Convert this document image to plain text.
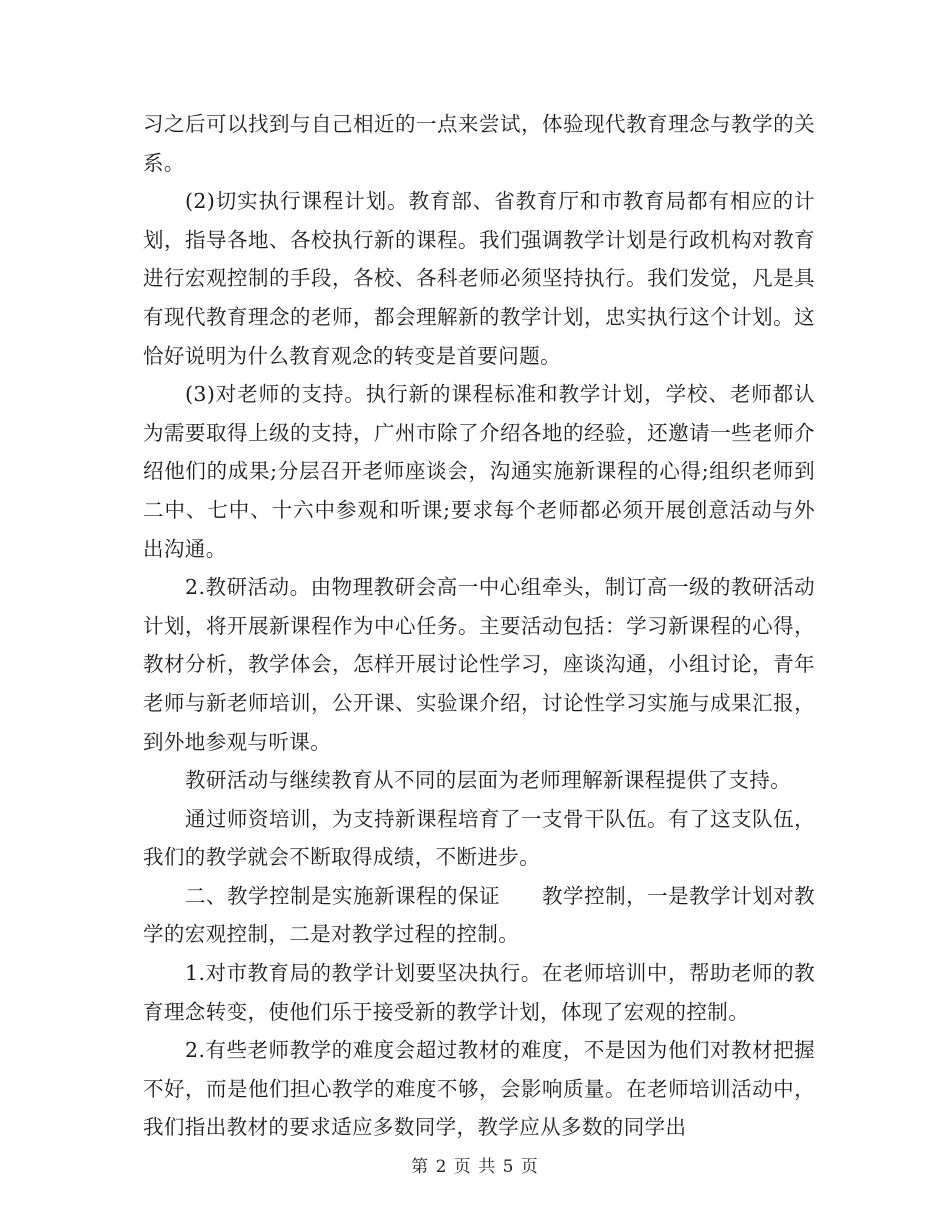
习之后可以找到与自己相近的一点来尝试，体验现代教育理念与教学的关系。

(2)切实执行课程计划。教育部、省教育厅和市教育局都有相应的计划，指导各地、各校执行新的课程。我们强调教学计划是行政机构对教育进行宏观控制的手段，各校、各科老师必须坚持执行。我们发觉，凡是具有现代教育理念的老师，都会理解新的教学计划，忠实执行这个计划。这恰好说明为什么教育观念的转变是首要问题。

(3)对老师的支持。执行新的课程标准和教学计划，学校、老师都认为需要取得上级的支持，广州市除了介绍各地的经验，还邀请一些老师介绍他们的成果;分层召开老师座谈会，沟通实施新课程的心得;组织老师到二中、七中、十六中参观和听课;要求每个老师都必须开展创意活动与外出沟通。

2.教研活动。由物理教研会高一中心组牵头，制订高一级的教研活动计划，将开展新课程作为中心任务。主要活动包括：学习新课程的心得，教材分析，教学体会，怎样开展讨论性学习，座谈沟通，小组讨论，青年老师与新老师培训，公开课、实验课介绍，讨论性学习实施与成果汇报，到外地参观与听课。

教研活动与继续教育从不同的层面为老师理解新课程提供了支持。

通过师资培训，为支持新课程培育了一支骨干队伍。有了这支队伍，我们的教学就会不断取得成绩，不断进步。

二、教学控制是实施新课程的保证　　教学控制，一是教学计划对教学的宏观控制，二是对教学过程的控制。

1.对市教育局的教学计划要坚决执行。在老师培训中，帮助老师的教育理念转变，使他们乐于接受新的教学计划，体现了宏观的控制。

2.有些老师教学的难度会超过教材的难度，不是因为他们对教材把握不好，而是他们担心教学的难度不够，会影响质量。在老师培训活动中，我们指出教材的要求适应多数同学，教学应从多数的同学出

第 2 页 共 5 页
